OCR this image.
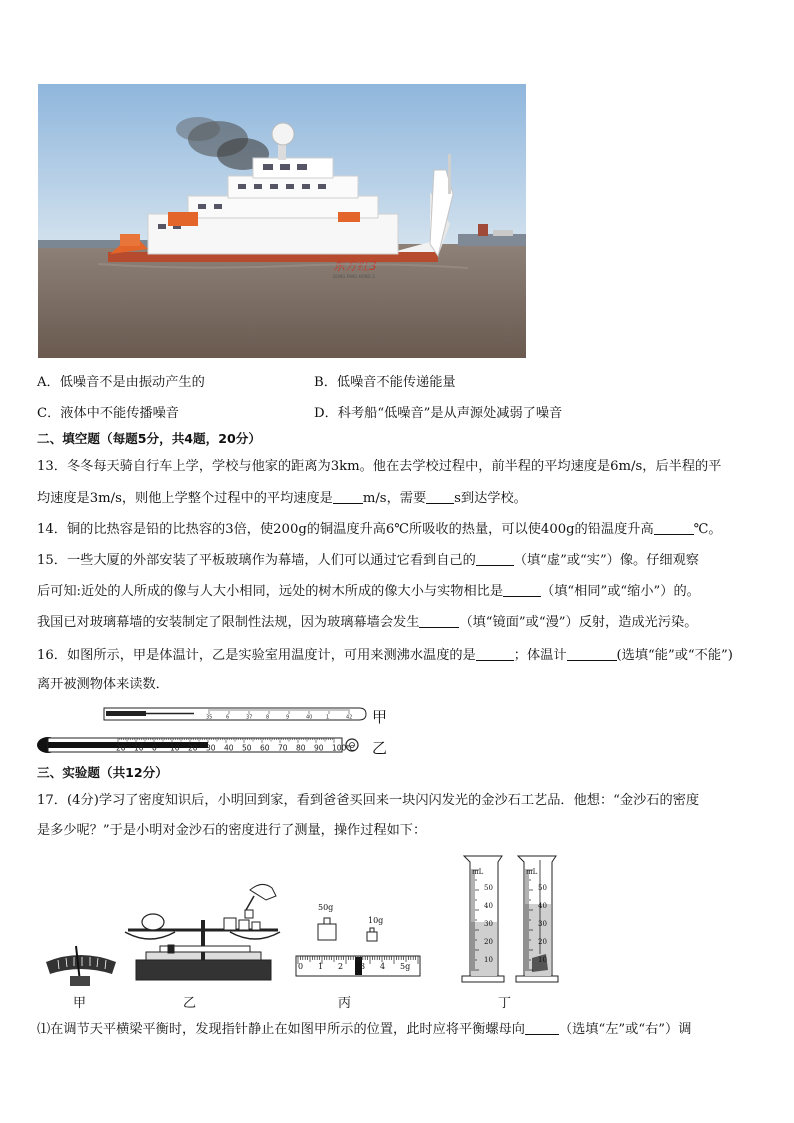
东方红3
DONG FANG HONG 3
A．低噪音不是由振动产生的	B．低噪音不能传递能量
C．液体中不能传播噪音	D．科考船“低噪音”是从声源处减弱了噪音
二、填空题（每题5分，共4题，20分）
13．冬冬每天骑自行车上学，学校与他家的距离为3km。他在去学校过程中，前半程的平均速度是6m/s，后半程的平
均速度是3m/s，则他上学整个过程中的平均速度是 m/s，需要 s到达学校。
14．铜的比热容是铅的比热容的3倍，使200g的铜温度升高6℃所吸收的热量，可以使400g的铅温度升高	℃。
15．一些大厦的外部安装了平板玻璃作为幕墙，人们可以通过它看到自己的	（填“虚”或“实”）像。仔细观察
后可知:近处的人所成的像与人大小相同，远处的树木所成的像大小与实物相比是	（填“相同”或“缩小”）的。
我国已对玻璃幕墙的安装制定了限制性法规，因为玻璃幕墙会发生	（填“镜面”或“漫”）反射，造成光污染。
16．如图所示，甲是体温计，乙是实验室用温度计，可用来测沸水温度的是	；体温计	(选填“能”或“不能”)
离开被测物体来读数．
35	6	37	8	9	40	1	42
20 10 0 10 20 30 40 50 60 70 80 90 100℃
甲
乙
三、实验题（共12分）
17．(4分)学习了密度知识后，小明回到家，看到爸爸买回来一块闪闪发光的金沙石工艺品．他想：“金沙石的密度
是多少呢？”于是小明对金沙石的密度进行了测量，操作过程如下：
50g
10g
0 1 2 3 4 5g
mL	mL
50
40
30
20
10
50
40
30
20
10
甲	乙	丙	丁
⑴在调节天平横梁平衡时，发现指针静止在如图甲所示的位置，此时应将平衡螺母向	（选填“左”或“右”）调
